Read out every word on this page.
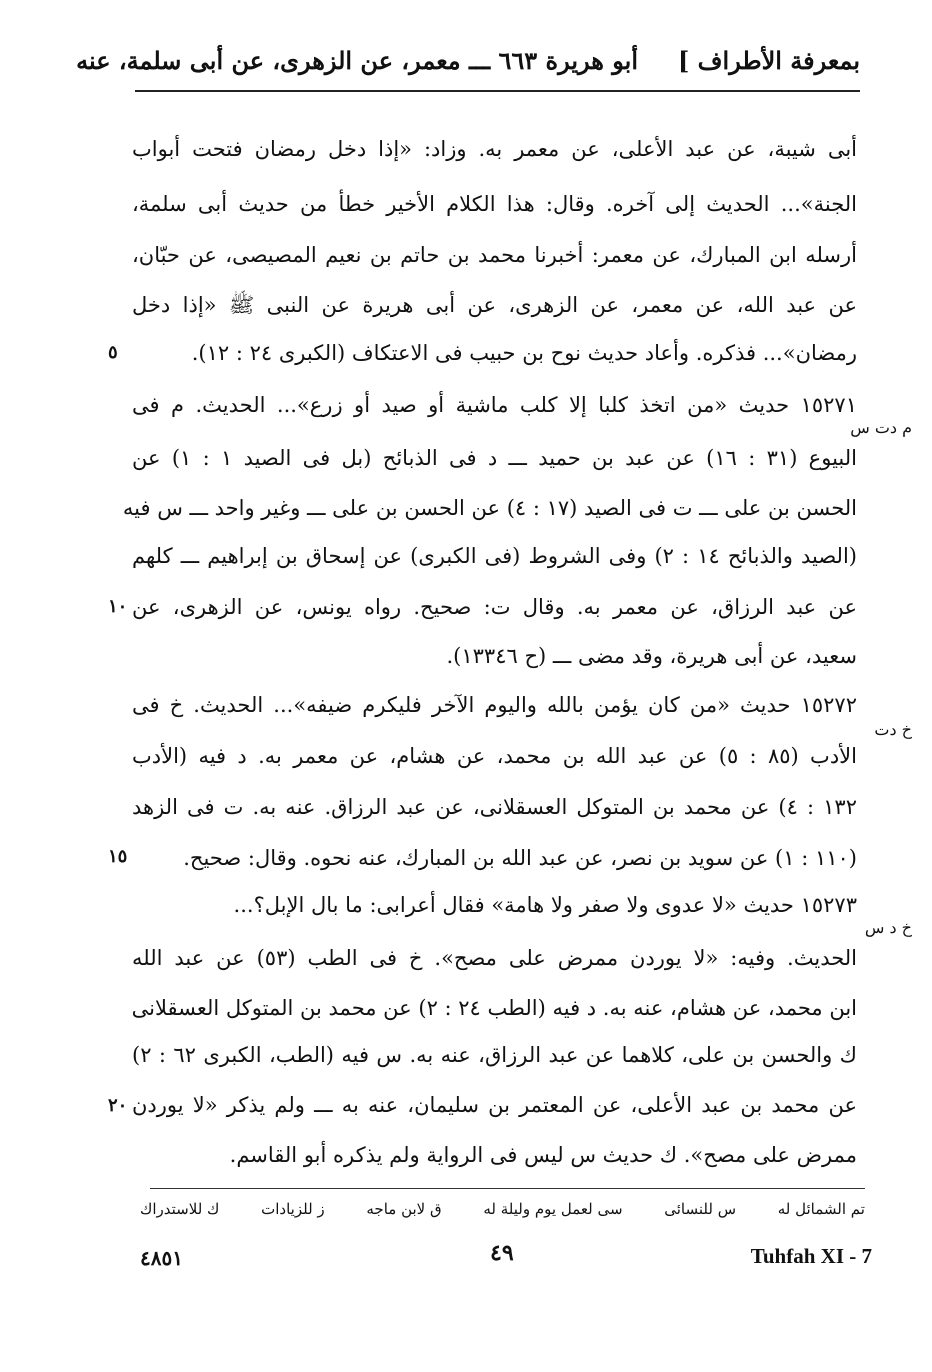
بمعرفة الأطراف ]
أبو هريرة ٦٦٣ ـــ معمر، عن الزهرى، عن أبى سلمة، عنه
أبى شيبة، عن عبد الأعلى، عن معمر به. وزاد: «إذا دخل رمضان فتحت أبواب
الجنة»... الحديث إلى آخره. وقال: هذا الكلام الأخير خطأ من حديث أبى سلمة،
أرسله ابن المبارك، عن معمر: أخبرنا محمد بن حاتم بن نعيم المصيصى، عن حبّان،
عن عبد الله، عن معمر، عن الزهرى، عن أبى هريرة عن النبى ﷺ «إذا دخل
رمضان»... فذكره. وأعاد حديث نوح بن حبيب فى الاعتكاف (الكبرى ٢٤ : ١٢).
١٥٢٧١ حديث «من اتخذ كلبا إلا كلب ماشية أو صيد أو زرع»... الحديث. م فى
البيوع (٣١ : ١٦) عن عبد بن حميد ـــ د فى الذبائح (بل فى الصيد ١ : ١) عن
الحسن بن على ـــ ت فى الصيد (١٧ : ٤) عن الحسن بن على ـــ وغير واحد ـــ س فيه
(الصيد والذبائح ١٤ : ٢) وفى الشروط (فى الكبرى) عن إسحاق بن إبراهيم ـــ كلهم
عن عبد الرزاق، عن معمر به. وقال ت: صحيح. رواه يونس، عن الزهرى، عن
سعيد، عن أبى هريرة، وقد مضى ـــ (ح ١٣٣٤٦).
١٥٢٧٢ حديث «من كان يؤمن بالله واليوم الآخر فليكرم ضيفه»... الحديث. خ فى
الأدب (٨٥ : ٥) عن عبد الله بن محمد، عن هشام، عن معمر به. د فيه (الأدب
١٣٢ : ٤) عن محمد بن المتوكل العسقلانى، عن عبد الرزاق. عنه به. ت فى الزهد
(١١٠ : ١) عن سويد بن نصر، عن عبد الله بن المبارك، عنه نحوه. وقال: صحيح.
١٥٢٧٣ حديث «لا عدوى ولا صفر ولا هامة» فقال أعرابى: ما بال الإبل؟...
الحديث. وفيه: «لا يوردن ممرض على مصح». خ فى الطب (٥٣) عن عبد الله
ابن محمد، عن هشام، عنه به. د فيه (الطب ٢٤ : ٢) عن محمد بن المتوكل العسقلانى
ك والحسن بن على، كلاهما عن عبد الرزاق، عنه به. س فيه (الطب، الكبرى ٦٢ : ٢)
عن محمد بن عبد الأعلى، عن المعتمر بن سليمان، عنه به ـــ ولم يذكر «لا يوردن
ممرض على مصح». ك حديث س ليس فى الرواية ولم يذكره أبو القاسم.
٥
١٠
١٥
٢٠
م دت س
خ دت
خ د س
تم الشمائل له
س للنسائى
سى لعمل يوم وليلة له
ق لابن ماجه
ز للزيادات
ك للاستدراك
٤٨٥١	٤٩	Tuhfah XI - 7
